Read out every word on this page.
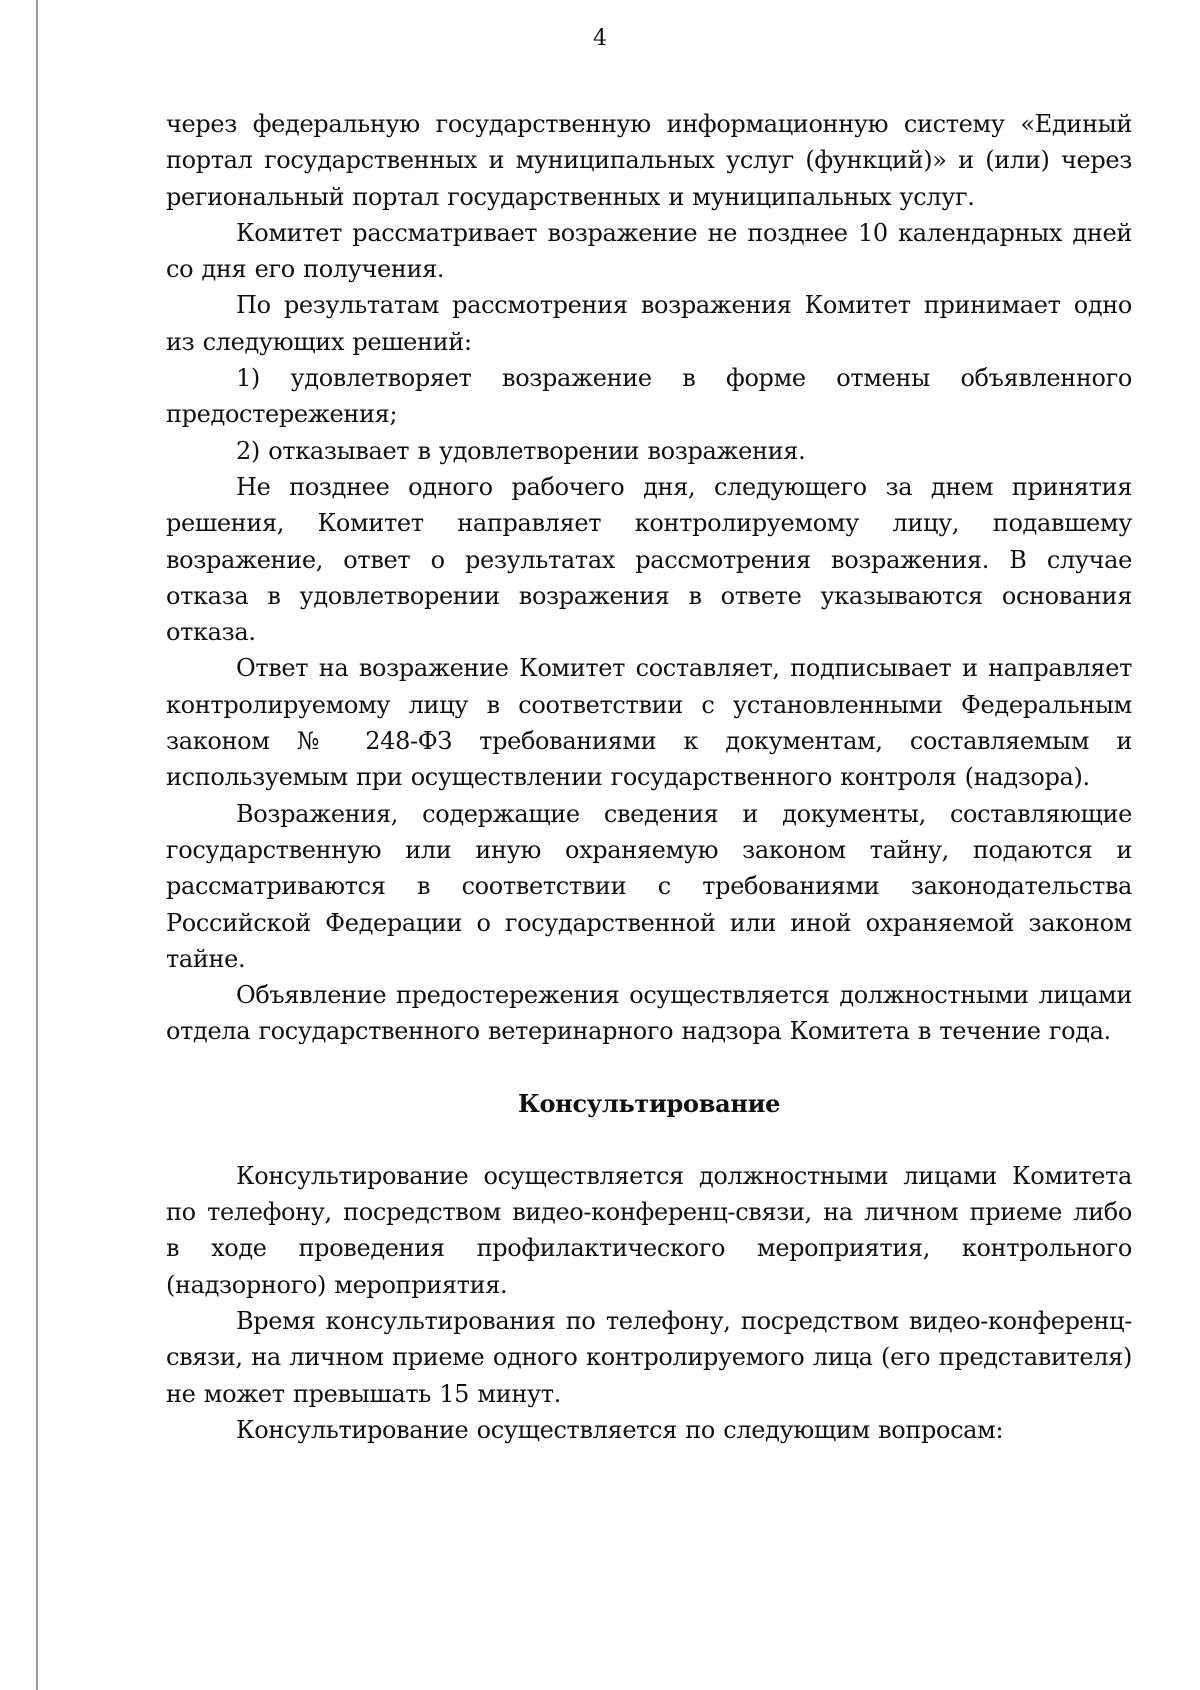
4

через федеральную государственную информационную систему «Единый портал государственных и муниципальных услуг (функций)» и (или) через региональный портал государственных и муниципальных услуг.

Комитет рассматривает возражение не позднее 10 календарных дней со дня его получения.

По результатам рассмотрения возражения Комитет принимает одно из следующих решений:

1) удовлетворяет возражение в форме отмены объявленного предостережения;

2) отказывает в удовлетворении возражения.

Не позднее одного рабочего дня, следующего за днем принятия решения, Комитет направляет контролируемому лицу, подавшему возражение, ответ о результатах рассмотрения возражения. В случае отказа в удовлетворении возражения в ответе указываются основания отказа.

Ответ на возражение Комитет составляет, подписывает и направляет контролируемому лицу в соответствии с установленными Федеральным законом № 248-ФЗ требованиями к документам, составляемым и используемым при осуществлении государственного контроля (надзора).

Возражения, содержащие сведения и документы, составляющие государственную или иную охраняемую законом тайну, подаются и рассматриваются в соответствии с требованиями законодательства Российской Федерации о государственной или иной охраняемой законом тайне.

Объявление предостережения осуществляется должностными лицами отдела государственного ветеринарного надзора Комитета в течение года.

Консультирование

Консультирование осуществляется должностными лицами Комитета по телефону, посредством видео-конференц-связи, на личном приеме либо в ходе проведения профилактического мероприятия, контрольного (надзорного) мероприятия.

Время консультирования по телефону, посредством видео-конференц-связи, на личном приеме одного контролируемого лица (его представителя) не может превышать 15 минут.

Консультирование осуществляется по следующим вопросам:
